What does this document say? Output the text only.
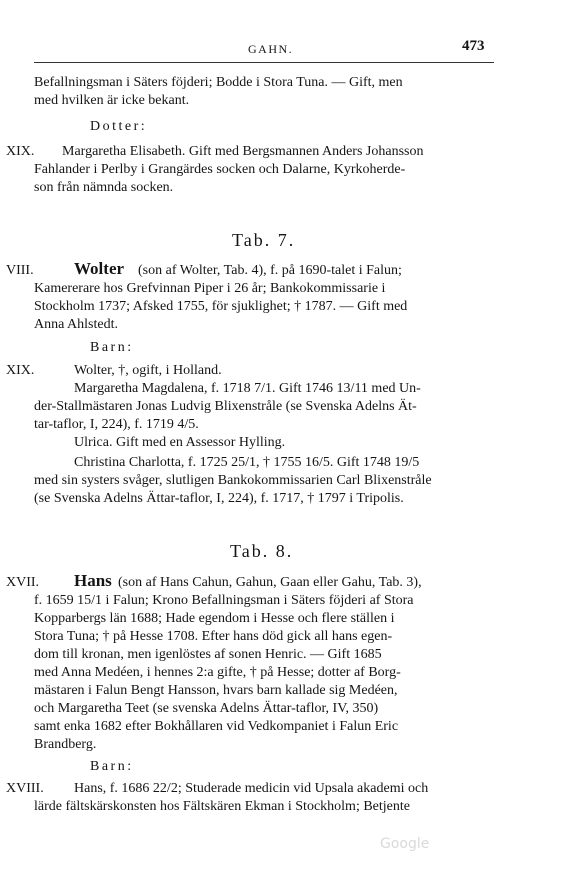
GAHN.	473
Befallningsman i Säters föjderi; Bodde i Stora Tuna. — Gift, men
med hvilken är icke bekant.
Dotter:
XIX. Margaretha Elisabeth. Gift med Bergsmannen Anders Johansson
Fahlander i Perlby i Grangärdes socken och Dalarne, Kyrkoherde-
son från nämnda socken.
Tab. 7.
VIII. Wolter (son af Wolter, Tab. 4), f. på 1690-talet i Falun;
Kamererare hos Grefvinnan Piper i 26 år; Bankokommissarie i
Stockholm 1737; Afsked 1755, för sjuklighet; † 1787. — Gift med
Anna Ahlstedt.
Barn:
XIX.	Wolter, †, ogift, i Holland.
Margaretha Magdalena, f. 1718 7/1. Gift 1746 13/11 med Un-
der-Stallmästaren Jonas Ludvig Blixenstråle (se Svenska Adelns Ät-
tar-taflor, I, 224), f. 1719 4/5.
Ulrica. Gift med en Assessor Hylling.
Christina Charlotta, f. 1725 25/1, † 1755 16/5. Gift 1748 19/5
med sin systers svåger, slutligen Bankokommissarien Carl Blixenstråle
(se Svenska Adelns Ättar-taflor, I, 224), f. 1717, † 1797 i Tripolis.
Tab. 8.
XVII. Hans (son af Hans Cahun, Gahun, Gaan eller Gahu, Tab. 3),
f. 1659 15/1 i Falun; Krono Befallningsman i Säters föjderi af Stora
Kopparbergs län 1688; Hade egendom i Hesse och flere ställen i
Stora Tuna; † på Hesse 1708. Efter hans död gick all hans egen-
dom till kronan, men igenlöstes af sonen Henric. — Gift 1685
med Anna Medéen, i hennes 2:a gifte, † på Hesse; dotter af Borg-
mästaren i Falun Bengt Hansson, hvars barn kallade sig Medéen,
och Margaretha Teet (se svenska Adelns Ättar-taflor, IV, 350)
samt enka 1682 efter Bokhållaren vid Vedkompaniet i Falun Eric
Brandberg.
Barn:
XVIII. Hans, f. 1686 22/2; Studerade medicin vid Upsala akademi och
lärde fältskärskonsten hos Fältskären Ekman i Stockholm; Betjente
Google
